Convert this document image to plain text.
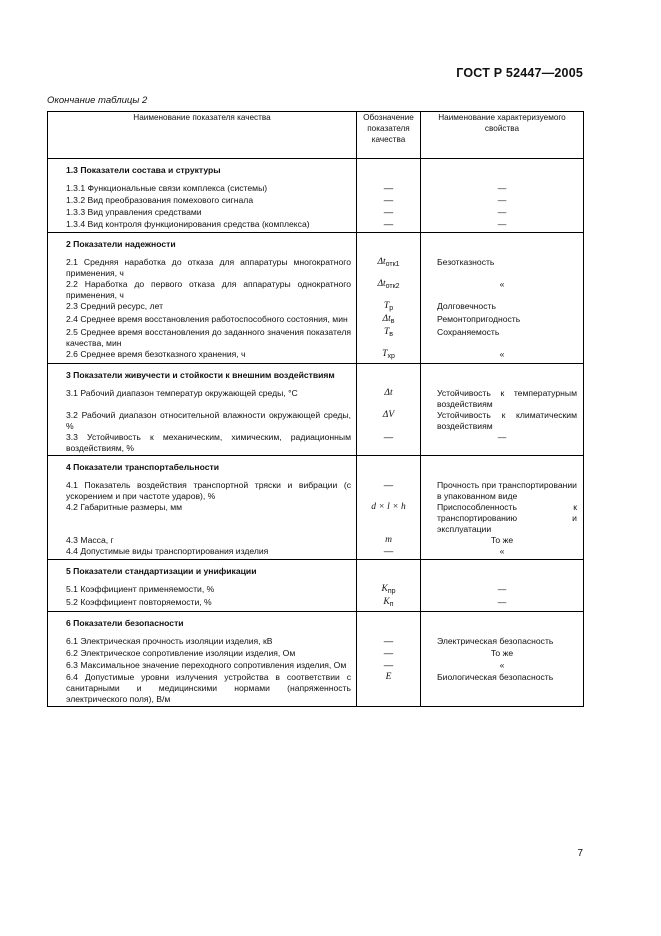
ГОСТ Р 52447—2005
Окончание таблицы 2
Наименование показателя качества	Обозначение показателя качества	Наименование характеризуемого свойства
1.3 Показатели состава и структуры		
1.3.1 Функциональные связи комплекса (системы)	—	—
1.3.2 Вид преобразования помехового сигнала	—	—
1.3.3 Вид управления средствами	—	—
1.3.4 Вид контроля функционирования средства (комплекса)	—	—
2 Показатели надежности		
2.1 Средняя наработка до отказа для аппаратуры многократного применения, ч	$\Delta t_{отк1}$	Безотказность
2.2 Наработка до первого отказа для аппаратуры однократного применения, ч	$\Delta t_{отк2}$	«
2.3 Средний ресурс, лет	$T_р$	Долговечность
2.4 Среднее время восстановления работоспособного состояния, мин	$\Delta t_в$	Ремонтопригодность
2.5 Среднее время восстановления до заданного значения показателя качества, мин	$T_в$	Сохраняемость
2.6 Среднее время безотказного хранения, ч	$T_{хр}$	«
3 Показатели живучести и стойкости к внешним воздействиям		
3.1 Рабочий диапазон температур окружающей среды, °С	Δt	Устойчивость к температурным воздействиям
3.2 Рабочий диапазон относительной влажности окружающей среды, %	ΔV	Устойчивость к климатическим воздействиям
3.3 Устойчивость к механическим, химическим, радиационным воздействиям, %	—	—
4 Показатели транспортабельности		
4.1 Показатель воздействия транспортной тряски и вибрации (с ускорением и при частоте ударов), %	—	Прочность при транспортировании в упакованном виде
4.2 Габаритные размеры, мм	d × l × h	Приспособленность к транспортированию и эксплуатации
4.3 Масса, г	m	То же
4.4 Допустимые виды транспортирования изделия	—	«
5 Показатели стандартизации и унификации		
5.1 Коэффициент применяемости, %	$K_{пр}$	—
5.2 Коэффициент повторяемости, %	$K_п$	—
6 Показатели безопасности		
6.1 Электрическая прочность изоляции изделия, кВ	—	Электрическая безопасность
6.2 Электрическое сопротивление изоляции изделия, Ом	—	То же
6.3 Максимальное значение переходного сопротивления изделия, Ом	—	«
6.4 Допустимые уровни излучения устройства в соответствии с санитарными и медицинскими нормами (напряженность электрического поля), В/м	E	Биологическая безопасность
7
